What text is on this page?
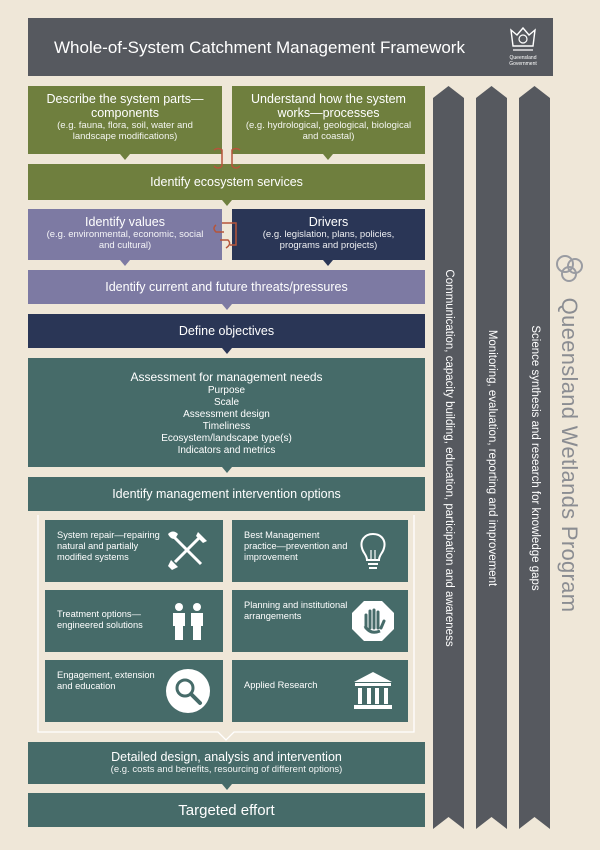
Whole-of-System Catchment Management Framework
Queensland Government
Describe the system parts—
components
(e.g. fauna, flora, soil, water and
landscape modifications)
Understand how the system
works—processes
(e.g. hydrological, geological, biological
and coastal)
Identify ecosystem services
Identify values
(e.g. environmental, economic, social
and cultural)
Drivers
(e.g. legislation, plans, policies,
programs and projects)
Identify current and future threats/pressures
Define objectives
Assessment for management needs
Purpose
Scale
Assessment design
Timeliness
Ecosystem/landscape type(s)
Indicators and metrics
Identify management intervention options
System repair—repairing natural and partially modified systems
Best Management practice—prevention and improvement
Treatment options—engineered solutions
Planning and institutional arrangements
Engagement, extension and education	Applied Research
Detailed design, analysis and intervention
(e.g. costs and benefits, resourcing of different options)
Targeted effort
Communication, capacity building, education, participation and awareness	Monitoring, evaluation, reporting and improvement	Science synthesis and research for knowledge gaps Queensland Wetlands Program
